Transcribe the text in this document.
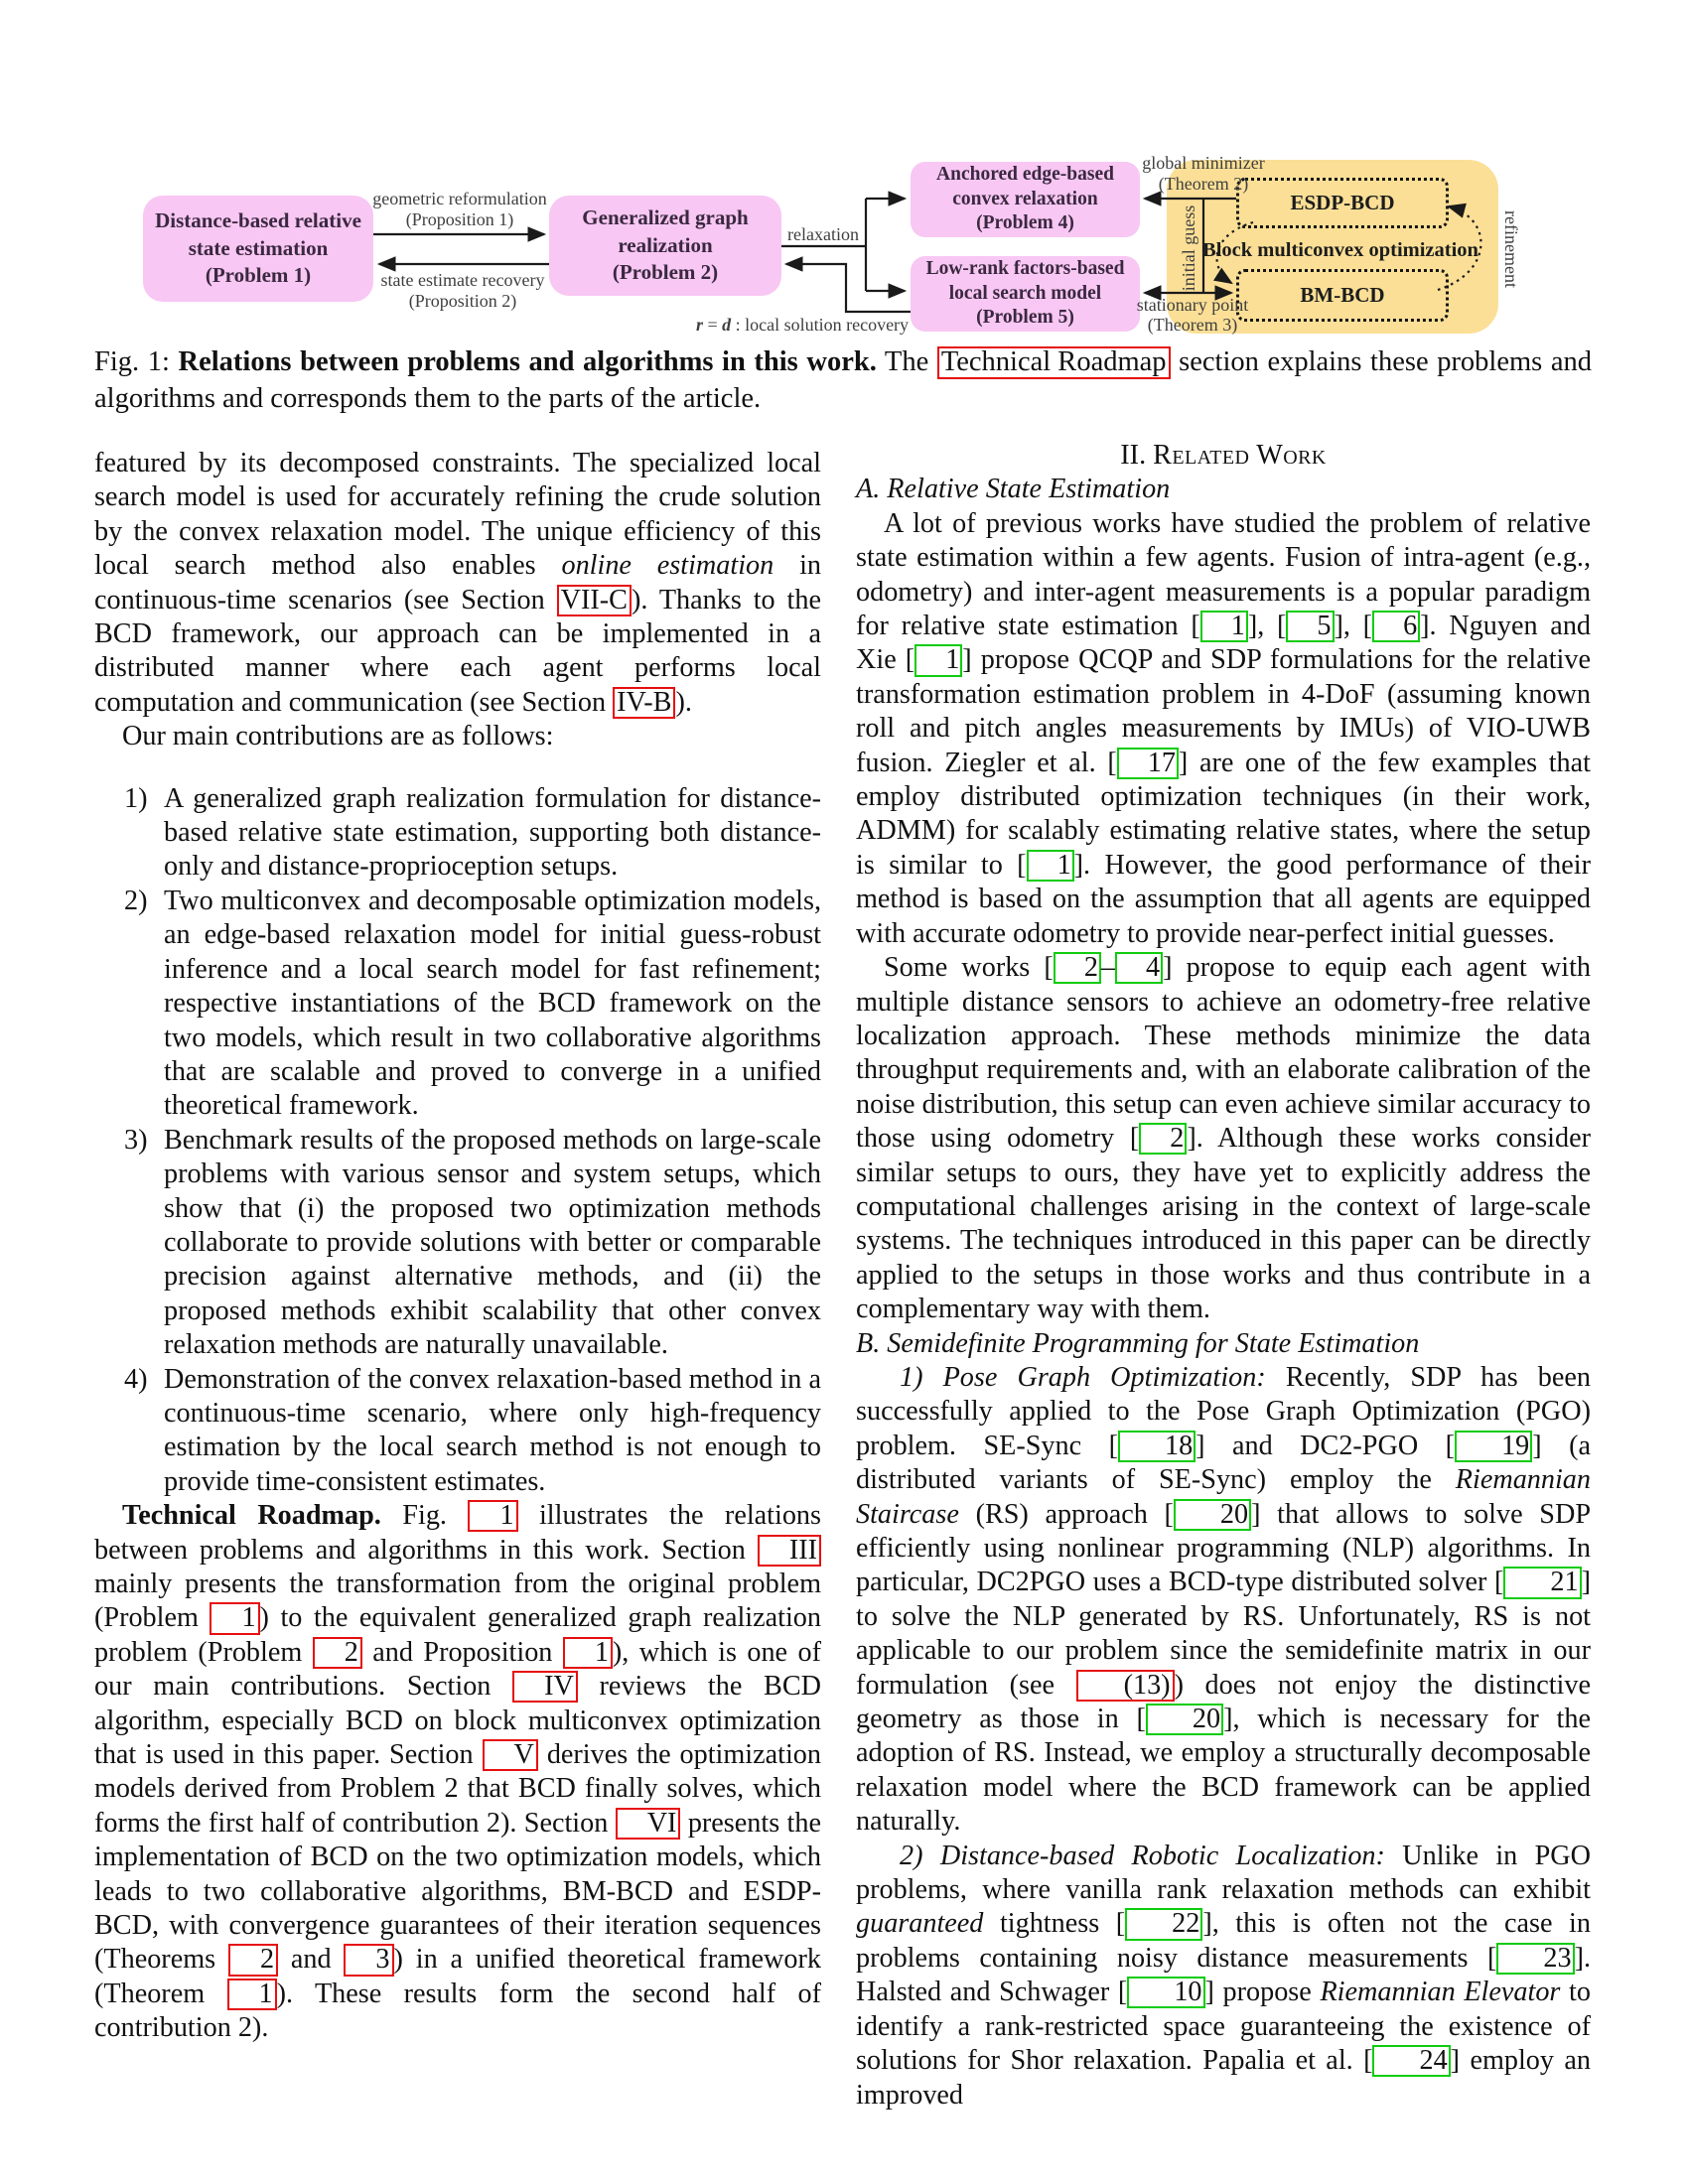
Distance-based relative
state estimation
(Problem 1)
Generalized graph
realization
(Problem 2)
Anchored edge-based
convex relaxation
(Problem 4)
Low-rank factors-based
local search model
(Problem 5)
ESDP-BCD
Block multiconvex optimization
BM-BCD
geometric reformulation
(Proposition 1)
state estimate recovery
(Proposition 2)
relaxation
r = d : local solution recovery
global minimizer
(Theorem 2)
stationary point
(Theorem 3)
initial guess	refinement
Fig. 1: Relations between problems and algorithms in this work. The Technical Roadmap section explains these problems and algorithms and corresponds them to the parts of the article.

featured by its decomposed constraints. The specialized local search model is used for accurately refining the crude solution by the convex relaxation model. The unique efficiency of this local search method also enables online estimation in continuous-time scenarios (see Section VII-C ). Thanks to the BCD framework, our approach can be implemented in a distributed manner where each agent performs local computation and communication (see Section IV-B ).

Our main contributions are as follows:

1) A generalized graph realization formulation for distance-based relative state estimation, supporting both distance-only and distance-proprioception setups.
2) Two multiconvex and decomposable optimization models, an edge-based relaxation model for initial guess-robust inference and a local search model for fast refinement; respective instantiations of the BCD framework on the two models, which result in two collaborative algorithms that are scalable and proved to converge in a unified theoretical framework.
3) Benchmark results of the proposed methods on large-scale problems with various sensor and system setups, which show that (i) the proposed two optimization methods collaborate to provide solutions with better or comparable precision against alternative methods, and (ii) the proposed methods exhibit scalability that other convex relaxation methods are naturally unavailable.
4) Demonstration of the convex relaxation-based method in a continuous-time scenario, where only high-frequency estimation by the local search method is not enough to provide time-consistent estimates.

Technical Roadmap. Fig. 1 illustrates the relations between problems and algorithms in this work. Section III mainly presents the transformation from the original problem (Problem 1 ) to the equivalent generalized graph realization problem (Problem 2 and Proposition 1 ), which is one of our main contributions. Section IV reviews the BCD algorithm, especially BCD on block multiconvex optimization that is used in this paper. Section V derives the optimization models derived from Problem 2 that BCD finally solves, which forms the first half of contribution 2). Section VI presents the implementation of BCD on the two optimization models, which leads to two collaborative algorithms, BM-BCD and ESDP-BCD, with convergence guarantees of their iteration sequences (Theorems 2 and 3 ) in a unified theoretical framework (Theorem 1 ). These results form the second half of contribution 2).

II. Related Work

A. Relative State Estimation

A lot of previous works have studied the problem of relative state estimation within a few agents. Fusion of intra-agent (e.g., odometry) and inter-agent measurements is a popular paradigm for relative state estimation [ 1 ], [ 5 ], [ 6 ]. Nguyen and Xie [ 1 ] propose QCQP and SDP formulations for the relative transformation estimation problem in 4-DoF (assuming known roll and pitch angles measurements by IMUs) of VIO-UWB fusion. Ziegler et al. [ 17 ] are one of the few examples that employ distributed optimization techniques (in their work, ADMM) for scalably estimating relative states, where the setup is similar to [ 1 ]. However, the good performance of their method is based on the assumption that all agents are equipped with accurate odometry to provide near-perfect initial guesses.

Some works [ 2 – 4 ] propose to equip each agent with multiple distance sensors to achieve an odometry-free relative localization approach. These methods minimize the data throughput requirements and, with an elaborate calibration of the noise distribution, this setup can even achieve similar accuracy to those using odometry [ 2 ]. Although these works consider similar setups to ours, they have yet to explicitly address the computational challenges arising in the context of large-scale systems. The techniques introduced in this paper can be directly applied to the setups in those works and thus contribute in a complementary way with them.

B. Semidefinite Programming for State Estimation

1) Pose Graph Optimization: Recently, SDP has been successfully applied to the Pose Graph Optimization (PGO) problem. SE-Sync [ 18 ] and DC2-PGO [ 19 ] (a distributed variants of SE-Sync) employ the Riemannian Staircase (RS) approach [ 20 ] that allows to solve SDP efficiently using nonlinear programming (NLP) algorithms. In particular, DC2PGO uses a BCD-type distributed solver [ 21 ] to solve the NLP generated by RS. Unfortunately, RS is not applicable to our problem since the semidefinite matrix in our formulation (see (13) ) does not enjoy the distinctive geometry as those in [ 20 ], which is necessary for the adoption of RS. Instead, we employ a structurally decomposable relaxation model where the BCD framework can be applied naturally.

2) Distance-based Robotic Localization: Unlike in PGO problems, where vanilla rank relaxation methods can exhibit guaranteed tightness [ 22 ], this is often not the case in problems containing noisy distance measurements [ 23 ]. Halsted and Schwager [ 10 ] propose Riemannian Elevator to identify a rank-restricted space guaranteeing the existence of solutions for Shor relaxation. Papalia et al. [ 24 ] employ an improved
